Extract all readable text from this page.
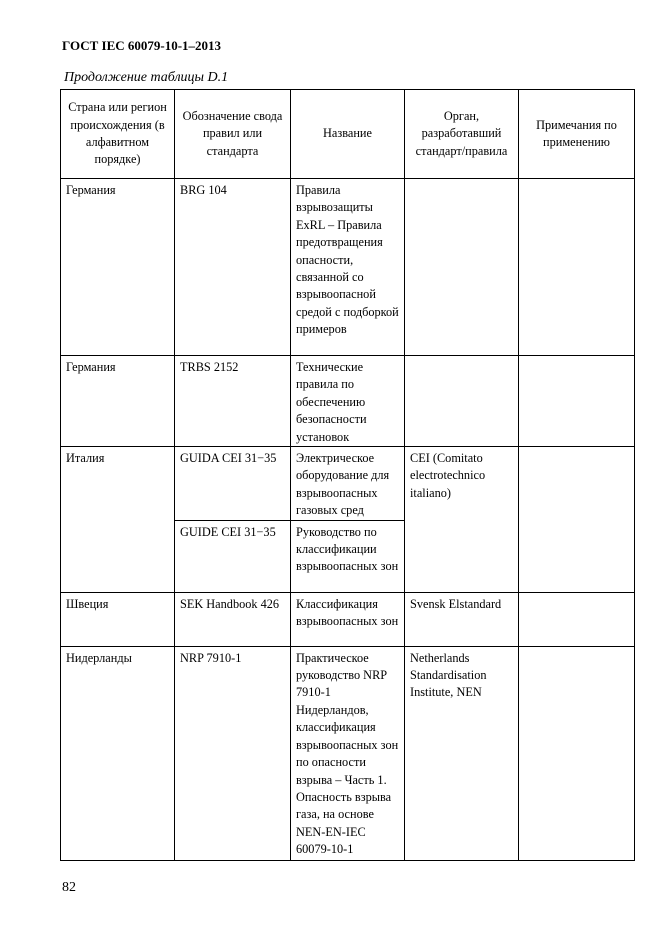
ГОСТ IEC 60079-10-1–2013
Продолжение таблицы D.1
Страна или регион происхождения (в алфавитном порядке)	Обозначение свода правил или стандарта	Название	Орган, разработавший стандарт/правила	Примечания по применению
Германия	BRG 104	Правила взрывозащиты ExRL – Правила предотвращения опасности, связанной со взрывоопасной средой с подборкой примеров		
Германия	TRBS 2152	Технические правила по обеспечению безопасности установок		
Италия	GUIDA CEI 31−35	Электрическое оборудование для взрывоопасных газовых сред	CEI (Comitato electrotechnico italiano)	
	GUIDE CEI 31−35	Руководство по классификации взрывоопасных зон		
Швеция	SEK Handbook 426	Классификация взрывоопасных зон	Svensk Elstandard	
Нидерланды	NRP 7910-1	Практическое руководство NRP 7910-1 Нидерландов, классификация взрывоопасных зон по опасности взрыва – Часть 1. Опасность взрыва газа, на основе NEN-EN-IEC 60079-10-1	Netherlands Standardisation Institute, NEN	
82
